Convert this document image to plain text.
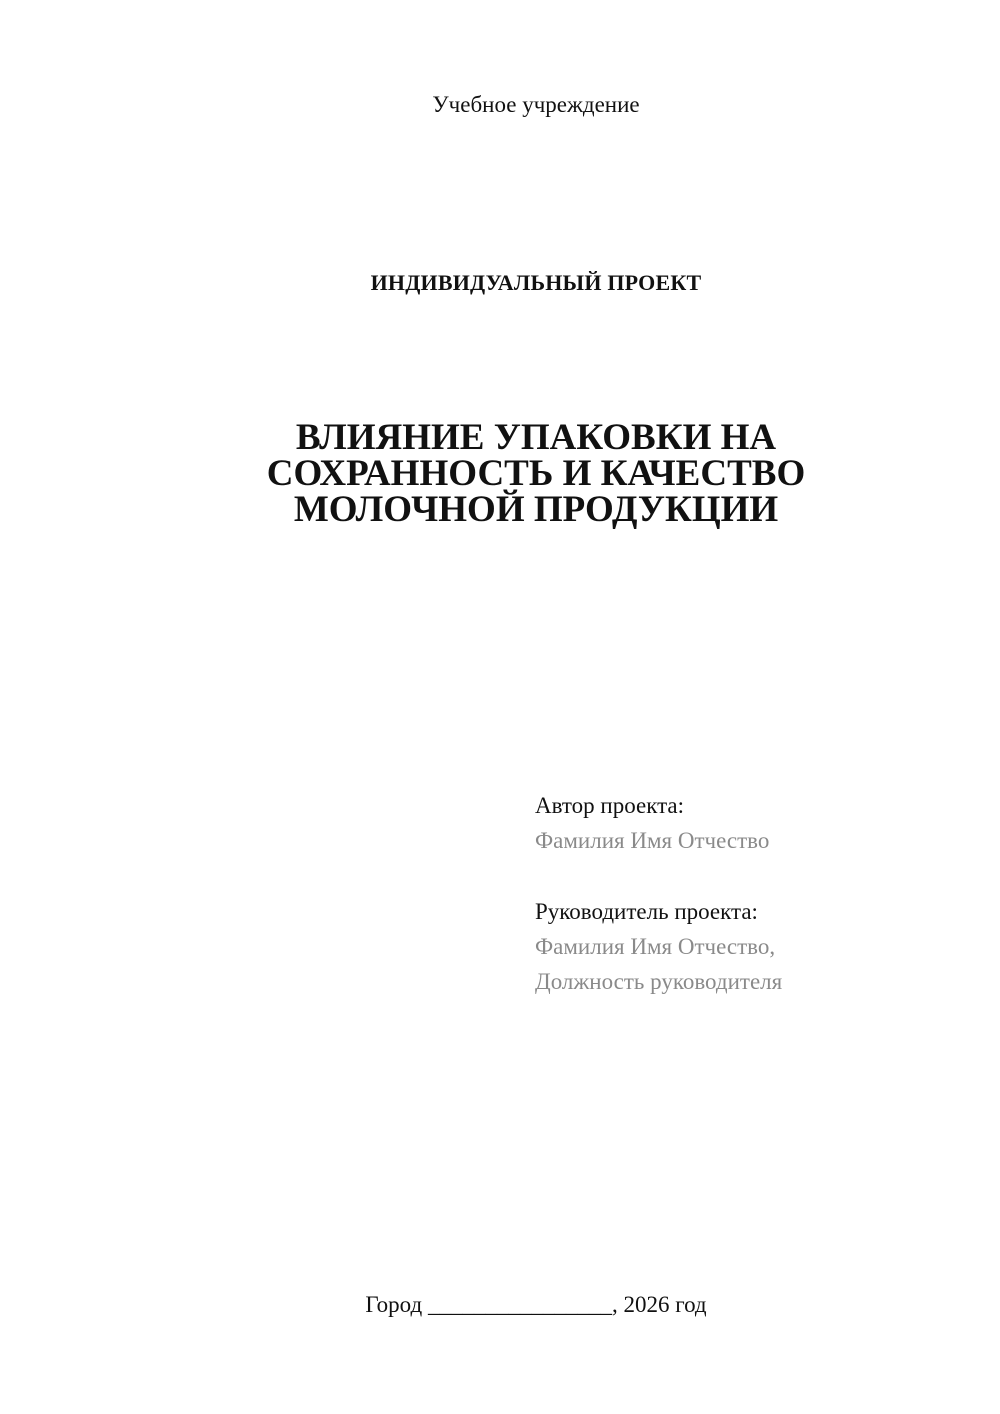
Учебное учреждение
ИНДИВИДУАЛЬНЫЙ ПРОЕКТ
ВЛИЯНИЕ УПАКОВКИ НА
СОХРАННОСТЬ И КАЧЕСТВО
МОЛОЧНОЙ ПРОДУКЦИИ
Автор проекта:
Фамилия Имя Отчество
Руководитель проекта:
Фамилия Имя Отчество,
Должность руководителя
Город ________________, 2026 год
